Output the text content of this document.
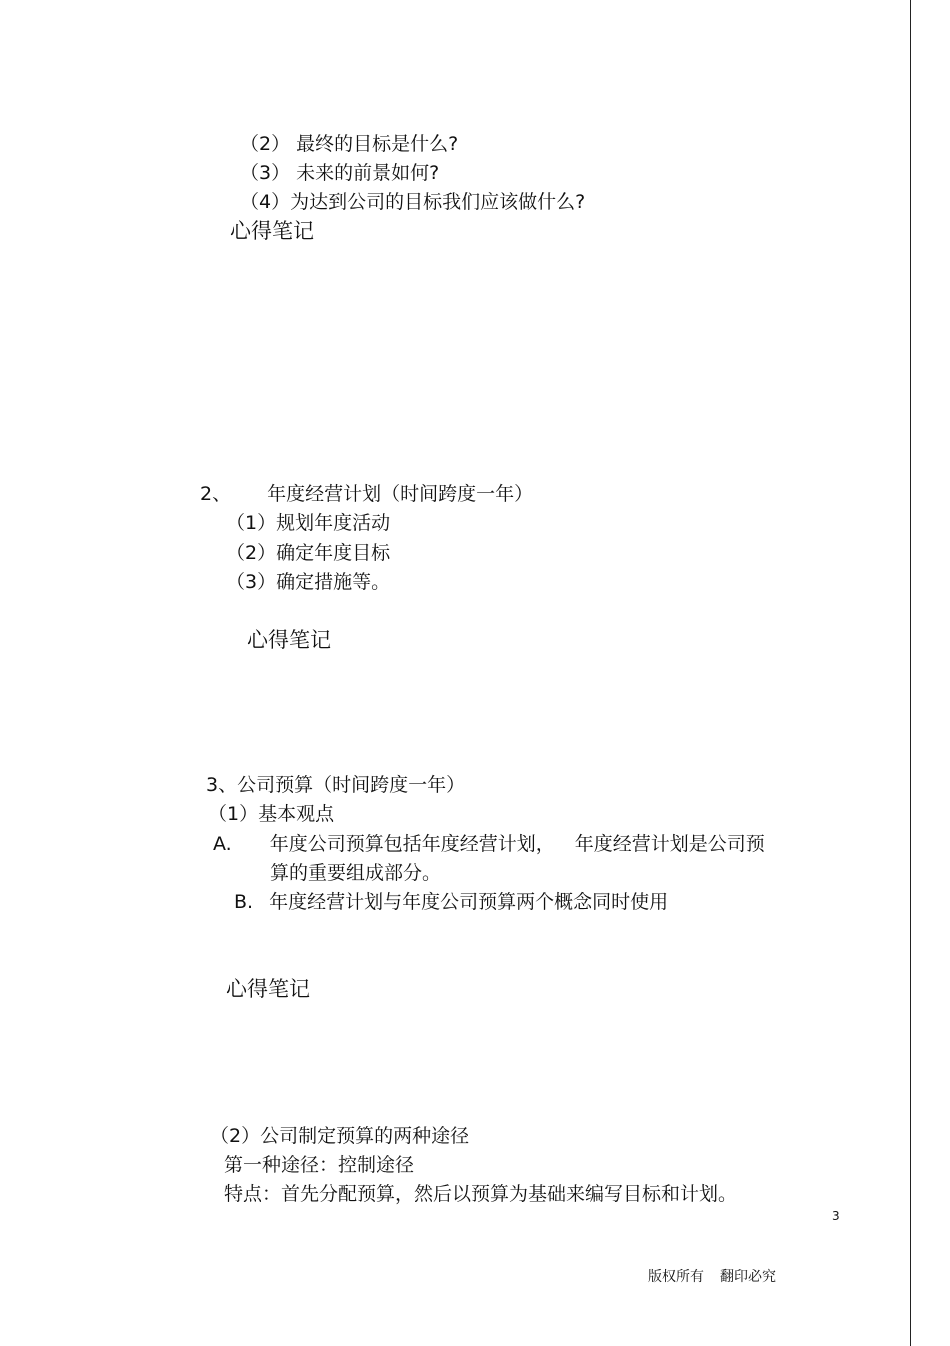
（2） 最终的目标是什么?
（3） 未来的前景如何?
（4）为达到公司的目标我们应该做什么?
心得笔记
2、 年度经营计划（时间跨度一年）
（1）规划年度活动
（2）确定年度目标
（3）确定措施等。
心得笔记
3、公司预算（时间跨度一年）
（1）基本观点
A. 年度公司预算包括年度经营计划， 年度经营计划是公司预
算的重要组成部分。
B. 年度经营计划与年度公司预算两个概念同时使用
心得笔记
（2）公司制定预算的两种途径
第一种途径：控制途径
特点：首先分配预算，然后以预算为基础来编写目标和计划。
3
版权所有 翻印必究
